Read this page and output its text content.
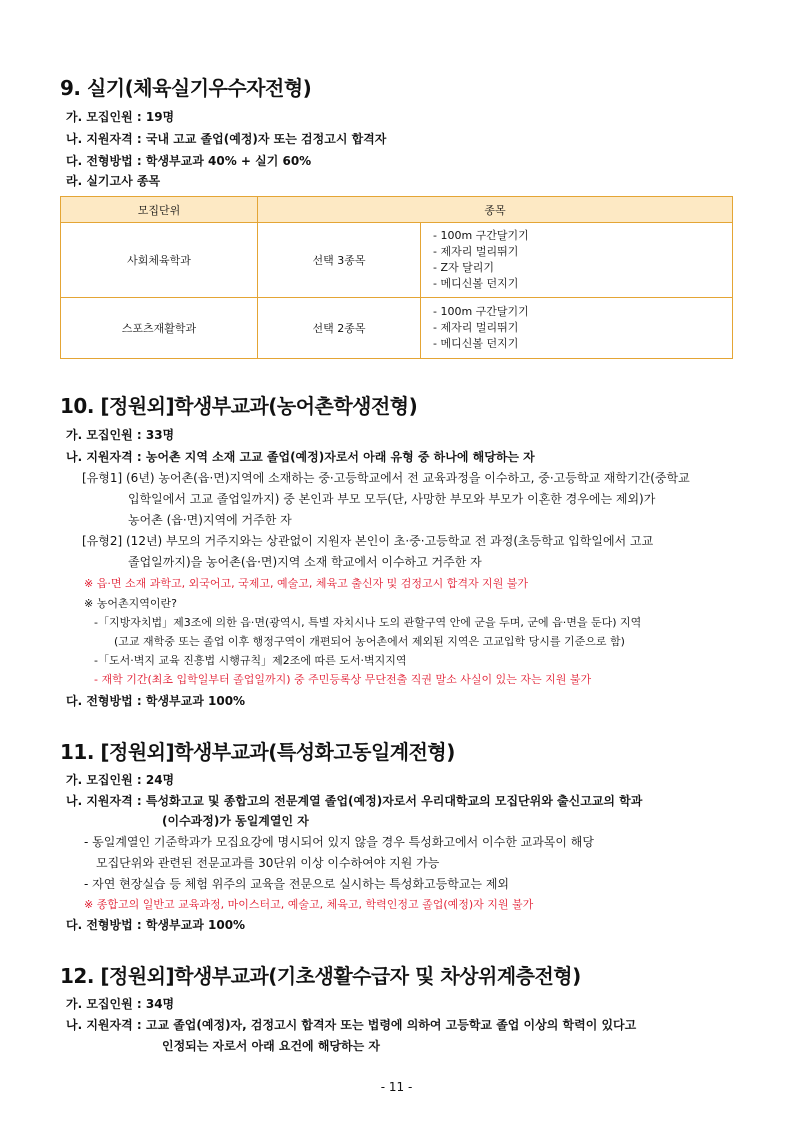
9. 실기(체육실기우수자전형)
가. 모집인원 : 19명
나. 지원자격 : 국내 고교 졸업(예정)자 또는 검정고시 합격자
다. 전형방법 : 학생부교과 40% + 실기 60%
라. 실기고사 종목
모집단위	종목	
사회체육학과	선택 3종목	- 100m 구간달기기
- 제자리 멀리뛰기
- Z자 달리기
- 메디신볼 던지기

스포츠재활학과	선택 2종목	- 100m 구간달기기
- 제자리 멀리뛰기
- 메디신볼 던지기
10. [정원외]학생부교과(농어촌학생전형)
가. 모집인원 : 33명
나. 지원자격 : 농어촌 지역 소재 고교 졸업(예정)자로서 아래 유형 중 하나에 해당하는 자
[유형1] (6년) 농어촌(읍·면)지역에 소재하는 중·고등학교에서 전 교육과정을 이수하고, 중·고등학교 재학기간(중학교
입학일에서 고교 졸업일까지) 중 본인과 부모 모두(단, 사망한 부모와 부모가 이혼한 경우에는 제외)가
농어촌 (읍·면)지역에 거주한 자
[유형2] (12년) 부모의 거주지와는 상관없이 지원자 본인이 초·중·고등학교 전 과정(초등학교 입학일에서 고교
졸업일까지)을 농어촌(읍·면)지역 소재 학교에서 이수하고 거주한 자
※ 읍·면 소재 과학고, 외국어고, 국제고, 예술고, 체육고 출신자 및 검정고시 합격자 지원 불가
※ 농어촌지역이란?
-「지방자치법」제3조에 의한 읍·면(광역시, 특별 자치시나 도의 관할구역 안에 군을 두며, 군에 읍·면을 둔다) 지역
(고교 재학중 또는 졸업 이후 행정구역이 개편되어 농어촌에서 제외된 지역은 고교입학 당시를 기준으로 함)
-「도서·벽지 교육 진흥법 시행규칙」제2조에 따른 도서·벽지지역
- 재학 기간(최초 입학일부터 졸업일까지) 중 주민등록상 무단전출 직권 말소 사실이 있는 자는 지원 불가
다. 전형방법 : 학생부교과 100%
11. [정원외]학생부교과(특성화고동일계전형)
가. 모집인원 : 24명
나. 지원자격 : 특성화고교 및 종합고의 전문계열 졸업(예정)자로서 우리대학교의 모집단위와 출신고교의 학과
(이수과정)가 동일계열인 자
- 동일계열인 기준학과가 모집요강에 명시되어 있지 않을 경우 특성화고에서 이수한 교과목이 해당
모집단위와 관련된 전문교과를 30단위 이상 이수하여야 지원 가능
- 자연 현장실습 등 체험 위주의 교육을 전문으로 실시하는 특성화고등학교는 제외
※ 종합고의 일반고 교육과정, 마이스터고, 예술고, 체육고, 학력인정고 졸업(예정)자 지원 불가
다. 전형방법 : 학생부교과 100%
12. [정원외]학생부교과(기초생활수급자 및 차상위계층전형)
가. 모집인원 : 34명
나. 지원자격 : 고교 졸업(예정)자, 검정고시 합격자 또는 법령에 의하여 고등학교 졸업 이상의 학력이 있다고
인정되는 자로서 아래 요건에 해당하는 자
- 11 -
